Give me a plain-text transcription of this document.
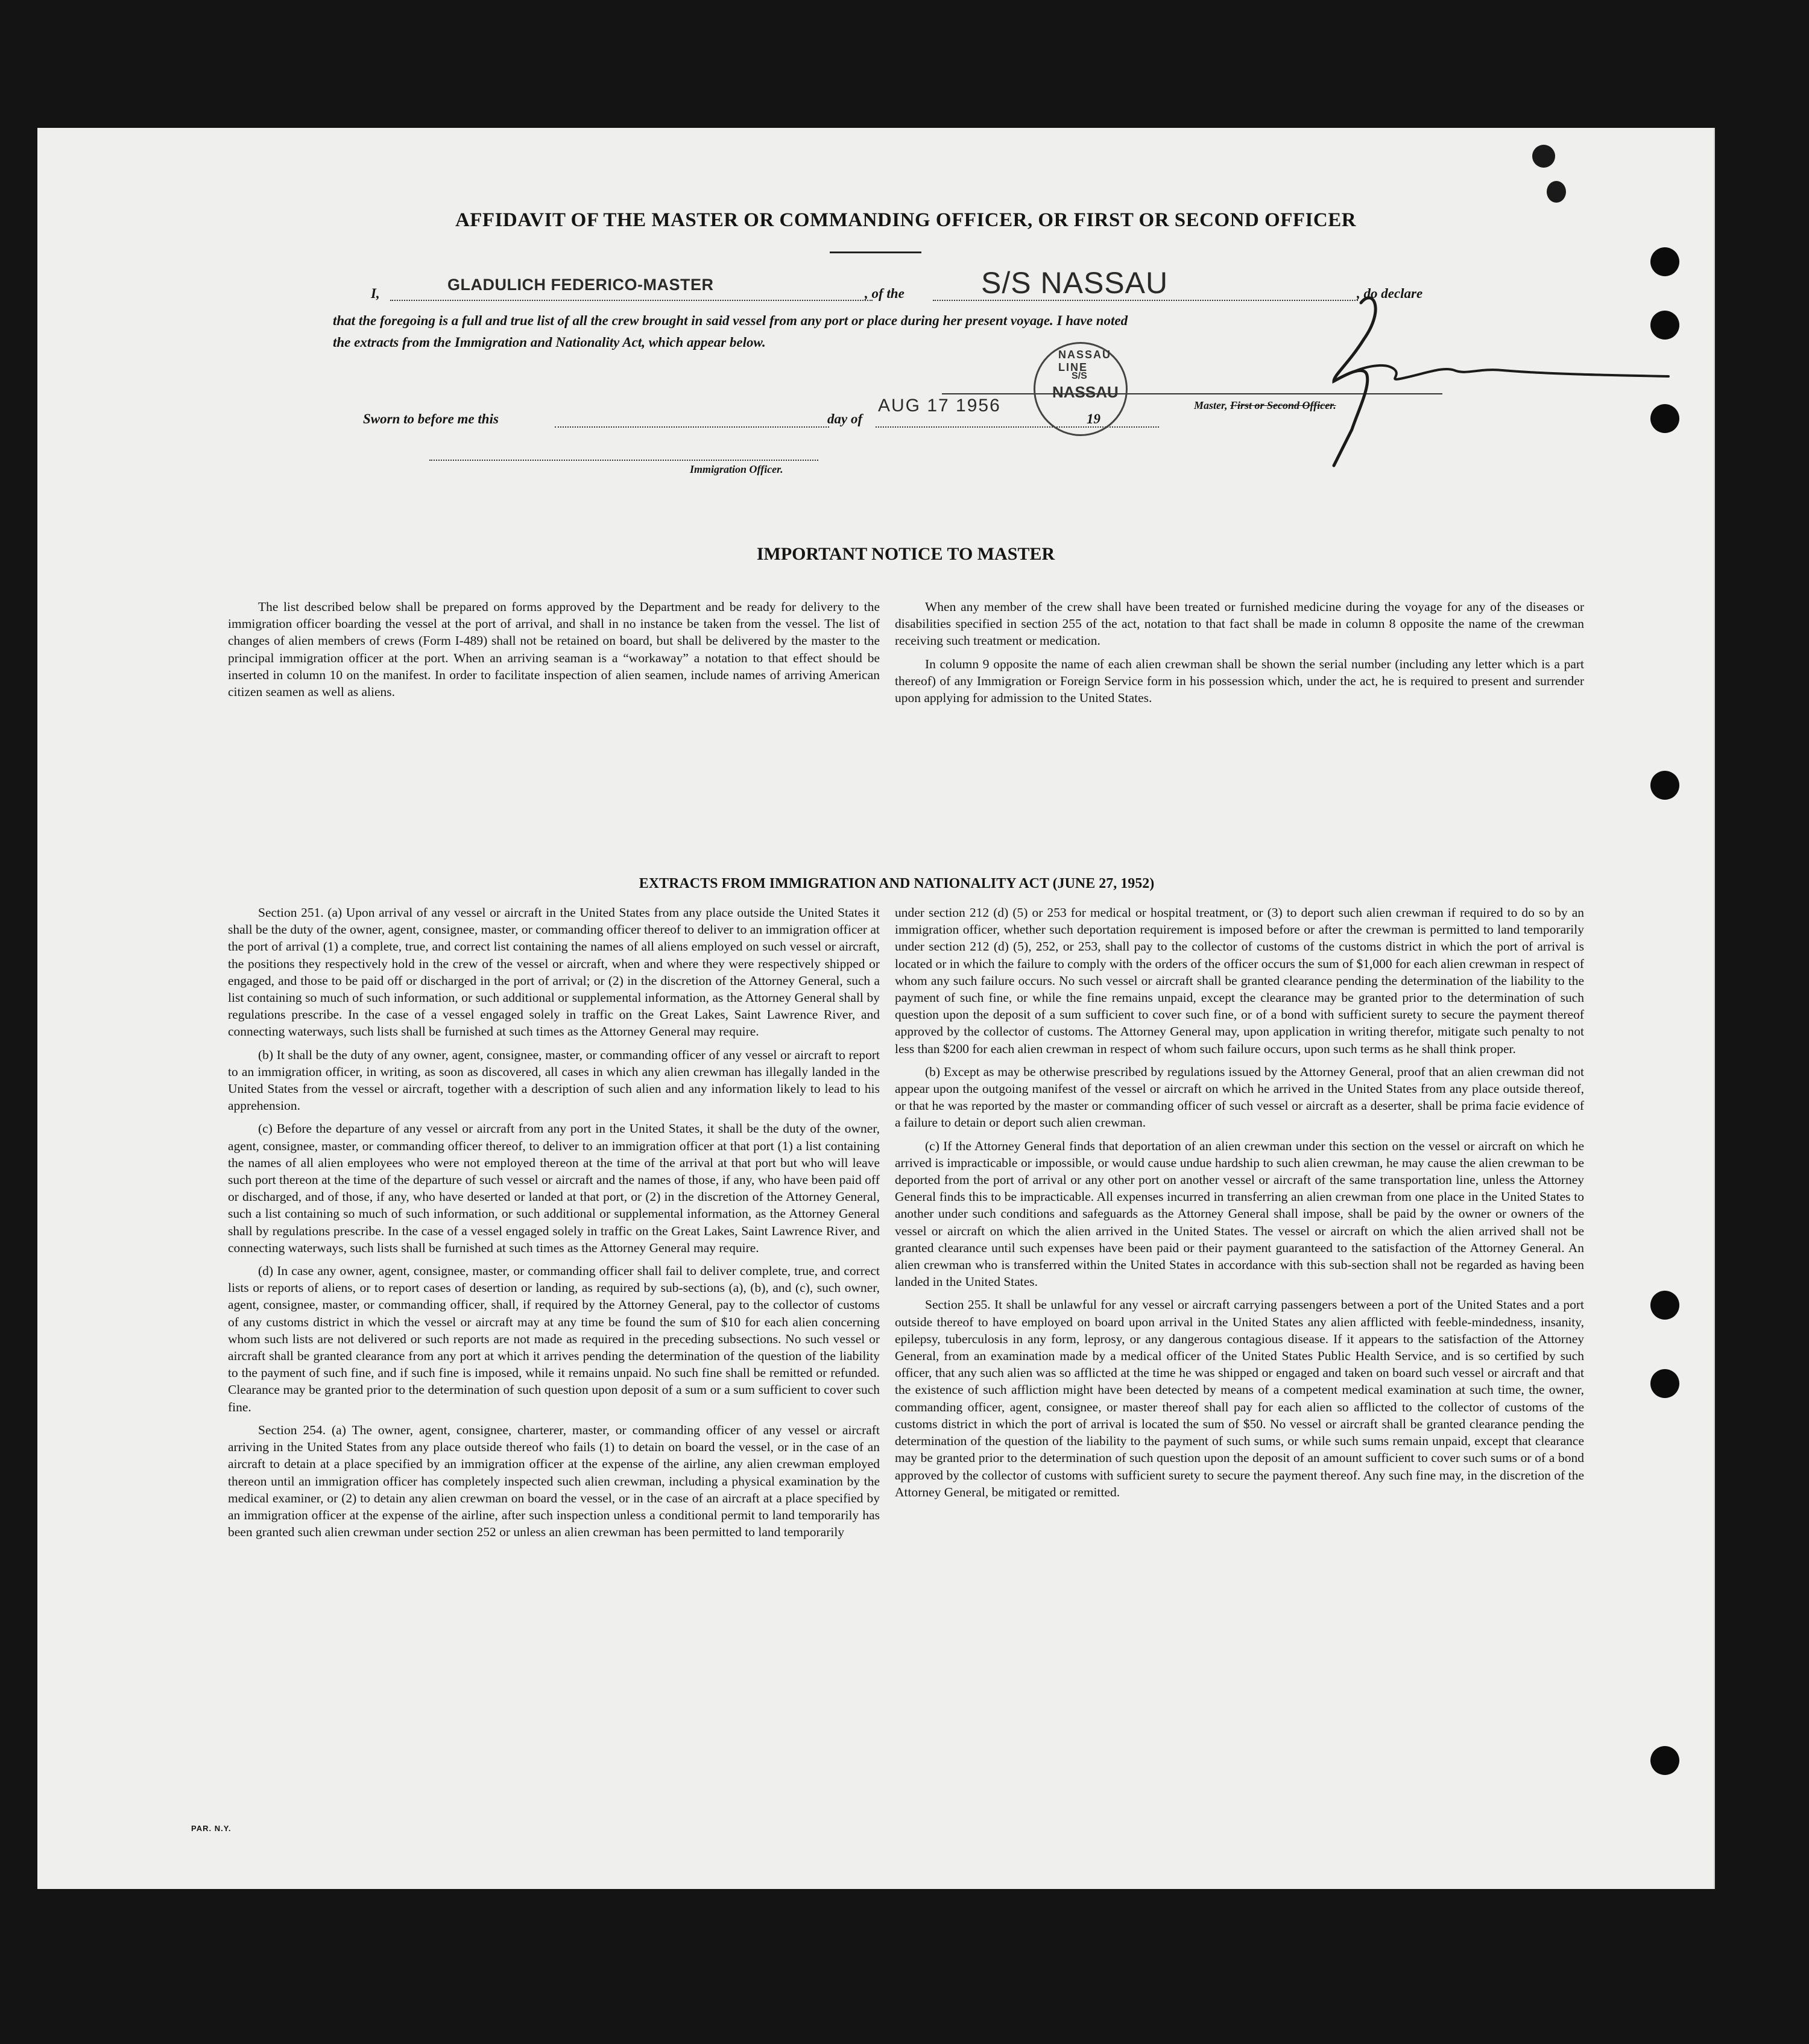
AFFIDAVIT OF THE MASTER OR COMMANDING OFFICER, OR FIRST OR SECOND OFFICER
I,	GLADULICH FEDERICO-MASTER	, of the	S/S NASSAU	, do declare
that the foregoing is a full and true list of all the crew brought in said vessel from any port or place during her present voyage. I have noted
the extracts from the Immigration and Nationality Act, which appear below.
Master, First or Second Officer.
Sworn to before me this	day of
AUG 17 1956
19
Immigration Officer.
NASSAU LINE
S/S
NASSAU
IMPORTANT NOTICE TO MASTER

The list described below shall be prepared on forms approved by the Department and be ready for delivery to the immigration officer boarding the vessel at the port of arrival, and shall in no instance be taken from the vessel. The list of changes of alien members of crews (Form I-489) shall not be retained on board, but shall be delivered by the master to the principal immigration officer at the port. When an arriving seaman is a “workaway” a notation to that effect should be inserted in column 10 on the manifest. In order to facilitate inspection of alien seamen, include names of arriving American citizen seamen as well as aliens.

When any member of the crew shall have been treated or furnished medicine during the voyage for any of the diseases or disabilities specified in section 255 of the act, notation to that fact shall be made in column 8 opposite the name of the crewman receiving such treatment or medication.

In column 9 opposite the name of each alien crewman shall be shown the serial number (including any letter which is a part thereof) of any Immigration or Foreign Service form in his possession which, under the act, he is required to present and surrender upon applying for admission to the United States.

EXTRACTS FROM IMMIGRATION AND NATIONALITY ACT (JUNE 27, 1952)

Section 251. (a) Upon arrival of any vessel or aircraft in the United States from any place outside the United States it shall be the duty of the owner, agent, consignee, master, or commanding officer thereof to deliver to an immigration officer at the port of arrival (1) a complete, true, and correct list containing the names of all aliens employed on such vessel or aircraft, the positions they respectively hold in the crew of the vessel or aircraft, when and where they were respectively shipped or engaged, and those to be paid off or discharged in the port of arrival; or (2) in the discretion of the Attorney General, such a list containing so much of such information, or such additional or supplemental information, as the Attorney General shall by regulations prescribe. In the case of a vessel engaged solely in traffic on the Great Lakes, Saint Lawrence River, and connecting waterways, such lists shall be furnished at such times as the Attorney General may require.

(b) It shall be the duty of any owner, agent, consignee, master, or commanding officer of any vessel or aircraft to report to an immigration officer, in writing, as soon as discovered, all cases in which any alien crewman has illegally landed in the United States from the vessel or aircraft, together with a description of such alien and any information likely to lead to his apprehension.

(c) Before the departure of any vessel or aircraft from any port in the United States, it shall be the duty of the owner, agent, consignee, master, or commanding officer thereof, to deliver to an immigration officer at that port (1) a list containing the names of all alien employees who were not employed thereon at the time of the arrival at that port but who will leave such port thereon at the time of the departure of such vessel or aircraft and the names of those, if any, who have been paid off or discharged, and of those, if any, who have deserted or landed at that port, or (2) in the discretion of the Attorney General, such a list containing so much of such information, or such additional or supplemental information, as the Attorney General shall by regulations prescribe. In the case of a vessel engaged solely in traffic on the Great Lakes, Saint Lawrence River, and connecting waterways, such lists shall be furnished at such times as the Attorney General may require.

(d) In case any owner, agent, consignee, master, or commanding officer shall fail to deliver complete, true, and correct lists or reports of aliens, or to report cases of desertion or landing, as required by sub-sections (a), (b), and (c), such owner, agent, consignee, master, or commanding officer, shall, if required by the Attorney General, pay to the collector of customs of any customs district in which the vessel or aircraft may at any time be found the sum of $10 for each alien concerning whom such lists are not delivered or such reports are not made as required in the preceding subsections. No such vessel or aircraft shall be granted clearance from any port at which it arrives pending the determination of the question of the liability to the payment of such fine, and if such fine is imposed, while it remains unpaid. No such fine shall be remitted or refunded. Clearance may be granted prior to the determination of such question upon deposit of a sum or a sum sufficient to cover such fine.

Section 254. (a) The owner, agent, consignee, charterer, master, or commanding officer of any vessel or aircraft arriving in the United States from any place outside thereof who fails (1) to detain on board the vessel, or in the case of an aircraft to detain at a place specified by an immigration officer at the expense of the airline, any alien crewman employed thereon until an immigration officer has completely inspected such alien crewman, including a physical examination by the medical examiner, or (2) to detain any alien crewman on board the vessel, or in the case of an aircraft at a place specified by an immigration officer at the expense of the airline, after such inspection unless a conditional permit to land temporarily has been granted such alien crewman under section 252 or unless an alien crewman has been permitted to land temporarily

under section 212 (d) (5) or 253 for medical or hospital treatment, or (3) to deport such alien crewman if required to do so by an immigration officer, whether such deportation requirement is imposed before or after the crewman is permitted to land temporarily under section 212 (d) (5), 252, or 253, shall pay to the collector of customs of the customs district in which the port of arrival is located or in which the failure to comply with the orders of the officer occurs the sum of $1,000 for each alien crewman in respect of whom any such failure occurs. No such vessel or aircraft shall be granted clearance pending the determination of the liability to the payment of such fine, or while the fine remains unpaid, except the clearance may be granted prior to the determination of such question upon the deposit of a sum sufficient to cover such fine, or of a bond with sufficient surety to secure the payment thereof approved by the collector of customs. The Attorney General may, upon application in writing therefor, mitigate such penalty to not less than $200 for each alien crewman in respect of whom such failure occurs, upon such terms as he shall think proper.

(b) Except as may be otherwise prescribed by regulations issued by the Attorney General, proof that an alien crewman did not appear upon the outgoing manifest of the vessel or aircraft on which he arrived in the United States from any place outside thereof, or that he was reported by the master or commanding officer of such vessel or aircraft as a deserter, shall be prima facie evidence of a failure to detain or deport such alien crewman.

(c) If the Attorney General finds that deportation of an alien crewman under this section on the vessel or aircraft on which he arrived is impracticable or impossible, or would cause undue hardship to such alien crewman, he may cause the alien crewman to be deported from the port of arrival or any other port on another vessel or aircraft of the same transportation line, unless the Attorney General finds this to be impracticable. All expenses incurred in transferring an alien crewman from one place in the United States to another under such conditions and safeguards as the Attorney General shall impose, shall be paid by the owner or owners of the vessel or aircraft on which the alien arrived in the United States. The vessel or aircraft on which the alien arrived shall not be granted clearance until such expenses have been paid or their payment guaranteed to the satisfaction of the Attorney General. An alien crewman who is transferred within the United States in accordance with this sub-section shall not be regarded as having been landed in the United States.

Section 255. It shall be unlawful for any vessel or aircraft carrying passengers between a port of the United States and a port outside thereof to have employed on board upon arrival in the United States any alien afflicted with feeble-mindedness, insanity, epilepsy, tuberculosis in any form, leprosy, or any dangerous contagious disease. If it appears to the satisfaction of the Attorney General, from an examination made by a medical officer of the United States Public Health Service, and is so certified by such officer, that any such alien was so afflicted at the time he was shipped or engaged and taken on board such vessel or aircraft and that the existence of such affliction might have been detected by means of a competent medical examination at such time, the owner, commanding officer, agent, consignee, or master thereof shall pay for each alien so afflicted to the collector of customs of the customs district in which the port of arrival is located the sum of $50. No vessel or aircraft shall be granted clearance pending the determination of the question of the liability to the payment of such sums, or while such sums remain unpaid, except that clearance may be granted prior to the determination of such question upon the deposit of an amount sufficient to cover such sums or of a bond approved by the collector of customs with sufficient surety to secure the payment thereof. Any such fine may, in the discretion of the Attorney General, be mitigated or remitted.

PAR. N.Y.
